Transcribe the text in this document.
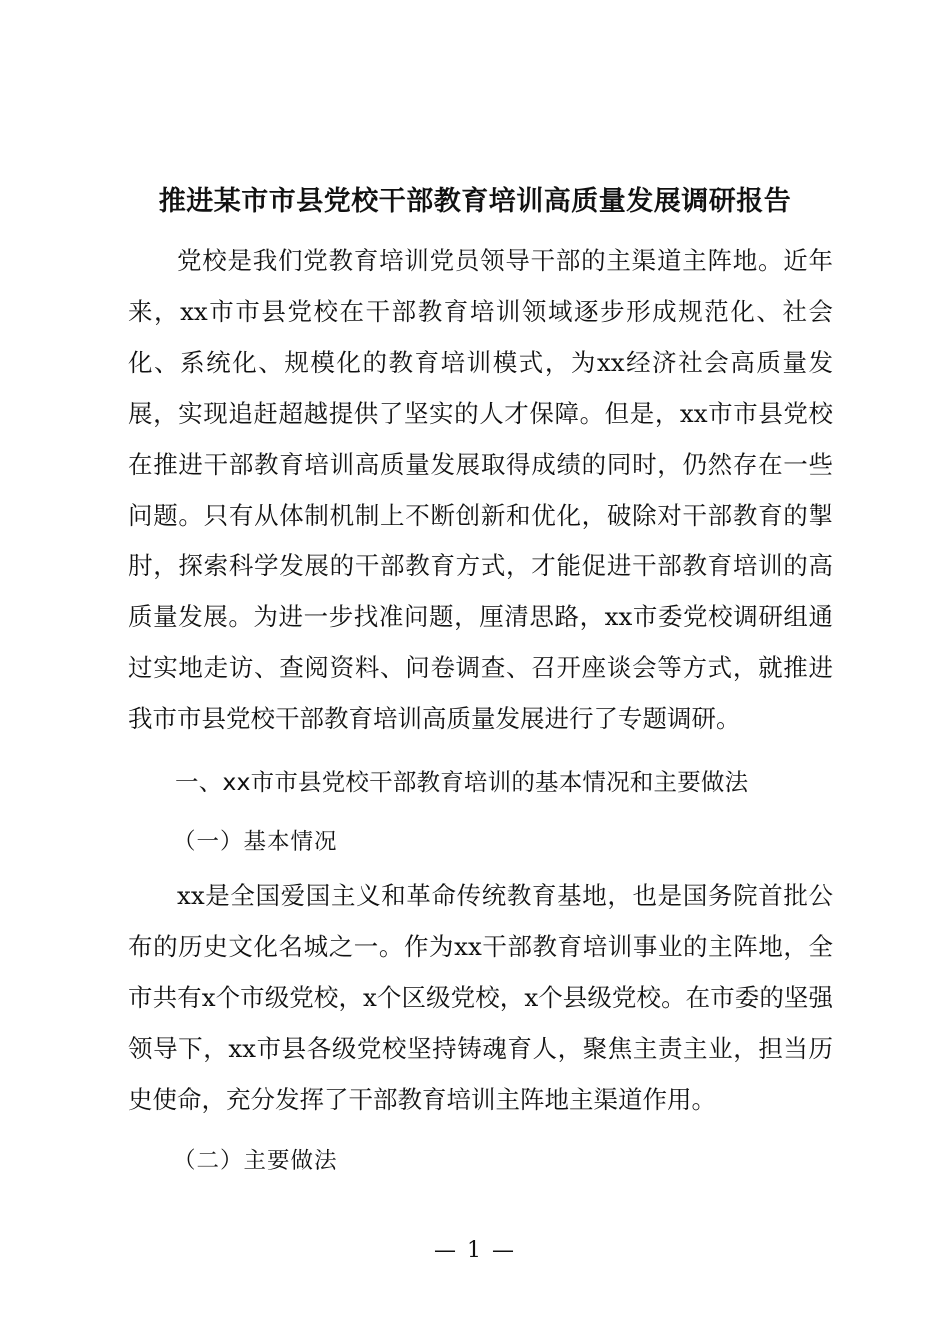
推进某市市县党校干部教育培训高质量发展调研报告

党校是我们党教育培训党员领导干部的主渠道主阵地。近年来，xx市市县党校在干部教育培训领域逐步形成规范化、社会化、系统化、规模化的教育培训模式，为xx经济社会高质量发展，实现追赶超越提供了坚实的人才保障。但是，xx市市县党校在推进干部教育培训高质量发展取得成绩的同时，仍然存在一些问题。只有从体制机制上不断创新和优化，破除对干部教育的掣肘，探索科学发展的干部教育方式，才能促进干部教育培训的高质量发展。为进一步找准问题，厘清思路，xx市委党校调研组通过实地走访、查阅资料、问卷调查、召开座谈会等方式，就推进我市市县党校干部教育培训高质量发展进行了专题调研。

一、xx市市县党校干部教育培训的基本情况和主要做法

（一）基本情况

xx是全国爱国主义和革命传统教育基地，也是国务院首批公布的历史文化名城之一。作为xx干部教育培训事业的主阵地，全市共有x个市级党校，x个区级党校，x个县级党校。在市委的坚强领导下，xx市县各级党校坚持铸魂育人，聚焦主责主业，担当历史使命，充分发挥了干部教育培训主阵地主渠道作用。

（二）主要做法

— 1 —
